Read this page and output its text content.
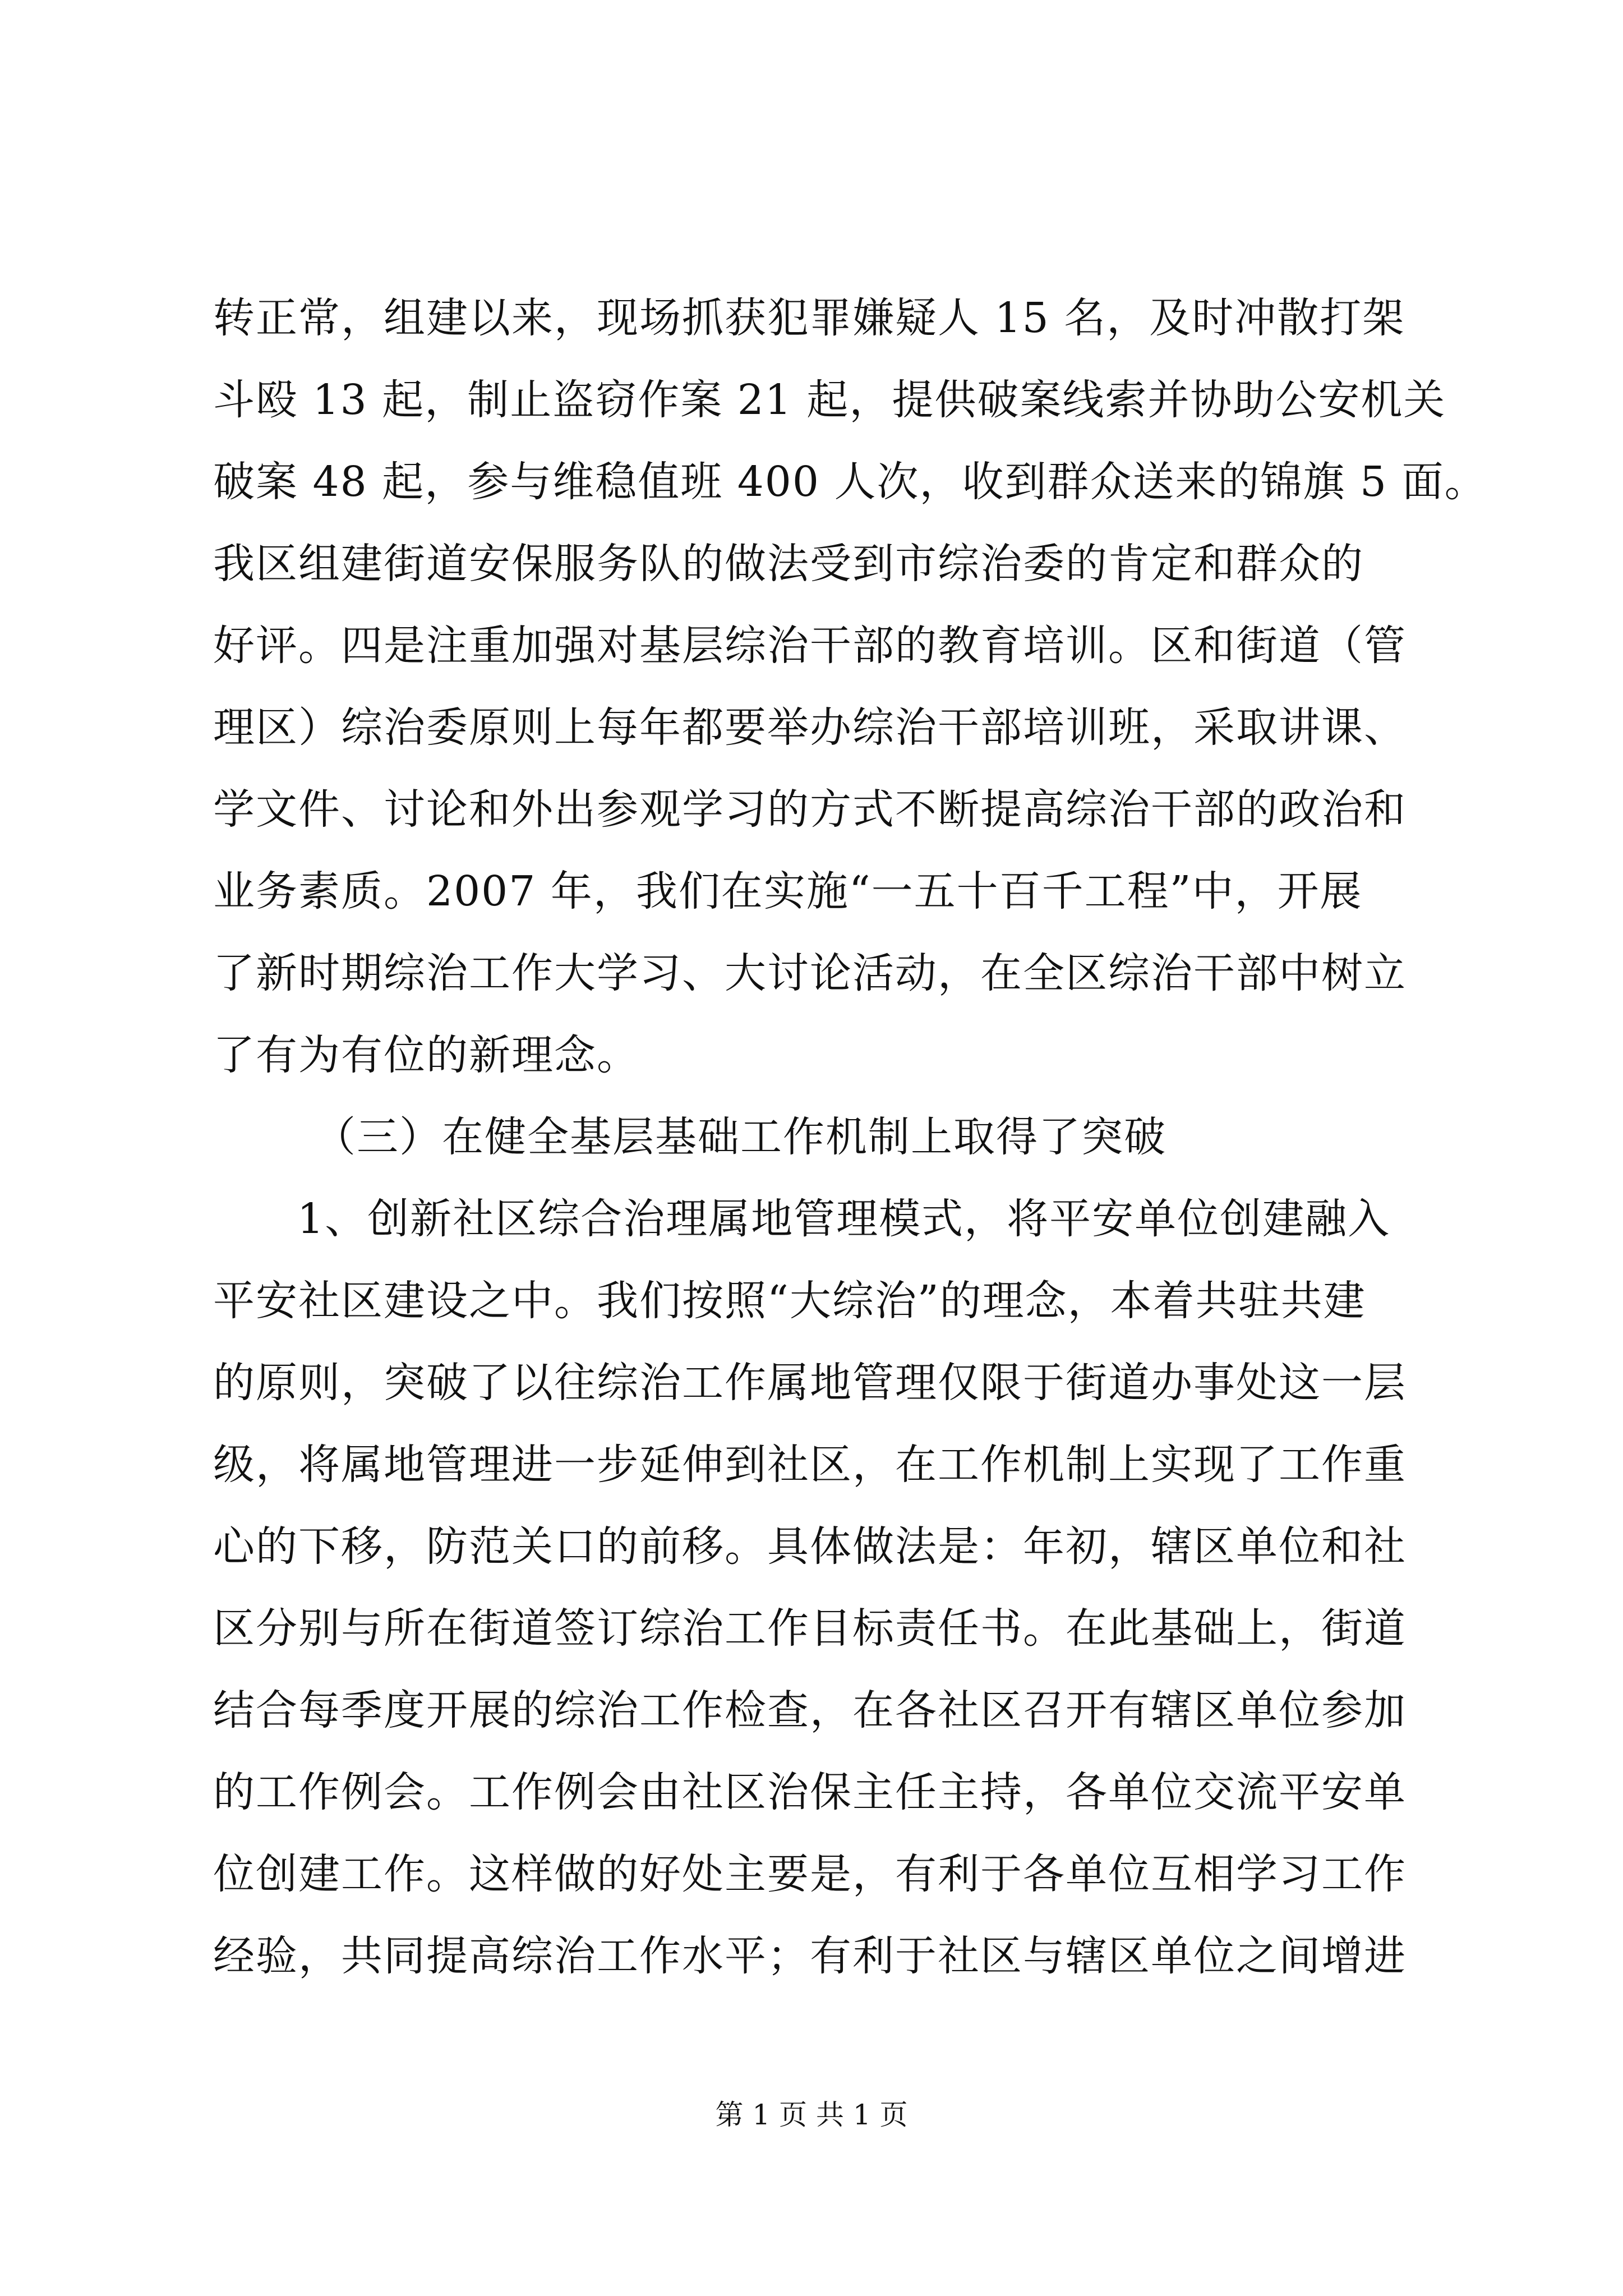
转正常，组建以来，现场抓获犯罪嫌疑人 15 名，及时冲散打架
斗殴 13 起，制止盗窃作案 21 起，提供破案线索并协助公安机关
破案 48 起，参与维稳值班 400 人次，收到群众送来的锦旗 5 面。
我区组建街道安保服务队的做法受到市综治委的肯定和群众的
好评。四是注重加强对基层综治干部的教育培训。区和街道（管
理区）综治委原则上每年都要举办综治干部培训班，采取讲课、
学文件、讨论和外出参观学习的方式不断提高综治干部的政治和
业务素质。2007 年，我们在实施“一五十百千工程”中，开展
了新时期综治工作大学习、大讨论活动，在全区综治干部中树立
了有为有位的新理念。
（三）在健全基层基础工作机制上取得了突破
1、创新社区综合治理属地管理模式，将平安单位创建融入
平安社区建设之中。我们按照“大综治”的理念，本着共驻共建
的原则，突破了以往综治工作属地管理仅限于街道办事处这一层
级，将属地管理进一步延伸到社区，在工作机制上实现了工作重
心的下移，防范关口的前移。具体做法是：年初，辖区单位和社
区分别与所在街道签订综治工作目标责任书。在此基础上，街道
结合每季度开展的综治工作检查，在各社区召开有辖区单位参加
的工作例会。工作例会由社区治保主任主持，各单位交流平安单
位创建工作。这样做的好处主要是，有利于各单位互相学习工作
经验，共同提高综治工作水平；有利于社区与辖区单位之间增进
第 1 页 共 1 页
